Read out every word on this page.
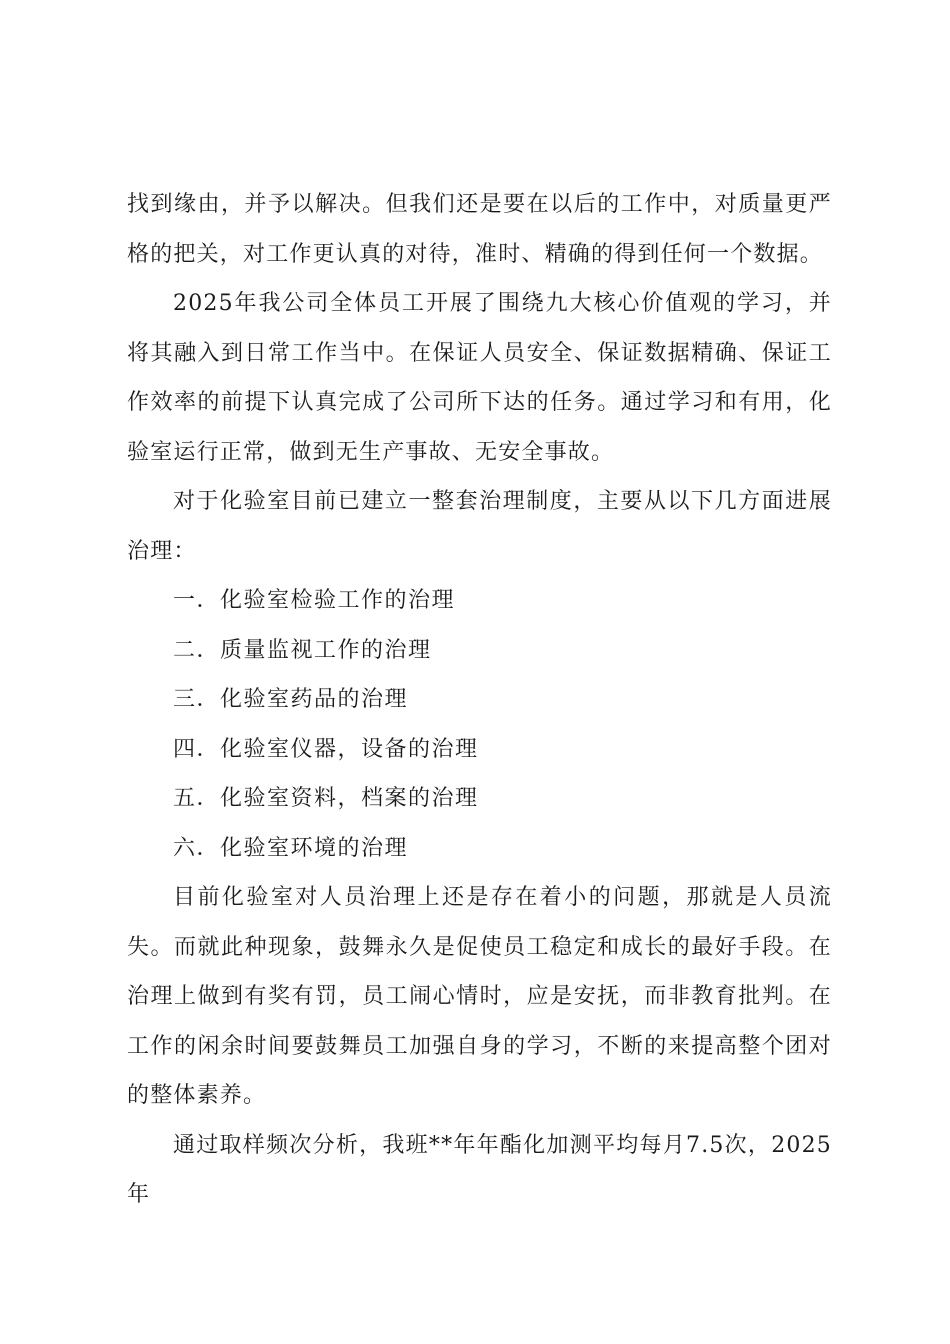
找到缘由，并予以解决。但我们还是要在以后的工作中，对质量更严格的把关，对工作更认真的对待，准时、精确的得到任何一个数据。

2025年我公司全体员工开展了围绕九大核心价值观的学习，并将其融入到日常工作当中。在保证人员安全、保证数据精确、保证工作效率的前提下认真完成了公司所下达的任务。通过学习和有用，化验室运行正常，做到无生产事故、无安全事故。

对于化验室目前已建立一整套治理制度，主要从以下几方面进展治理：

一．化验室检验工作的治理
二．质量监视工作的治理
三．化验室药品的治理
四．化验室仪器，设备的治理
五．化验室资料，档案的治理
六．化验室环境的治理

目前化验室对人员治理上还是存在着小的问题，那就是人员流失。而就此种现象，鼓舞永久是促使员工稳定和成长的最好手段。在治理上做到有奖有罚，员工闹心情时，应是安抚，而非教育批判。在工作的闲余时间要鼓舞员工加强自身的学习，不断的来提高整个团对的整体素养。

通过取样频次分析，我班**年年酯化加测平均每月7.5次，2025年
